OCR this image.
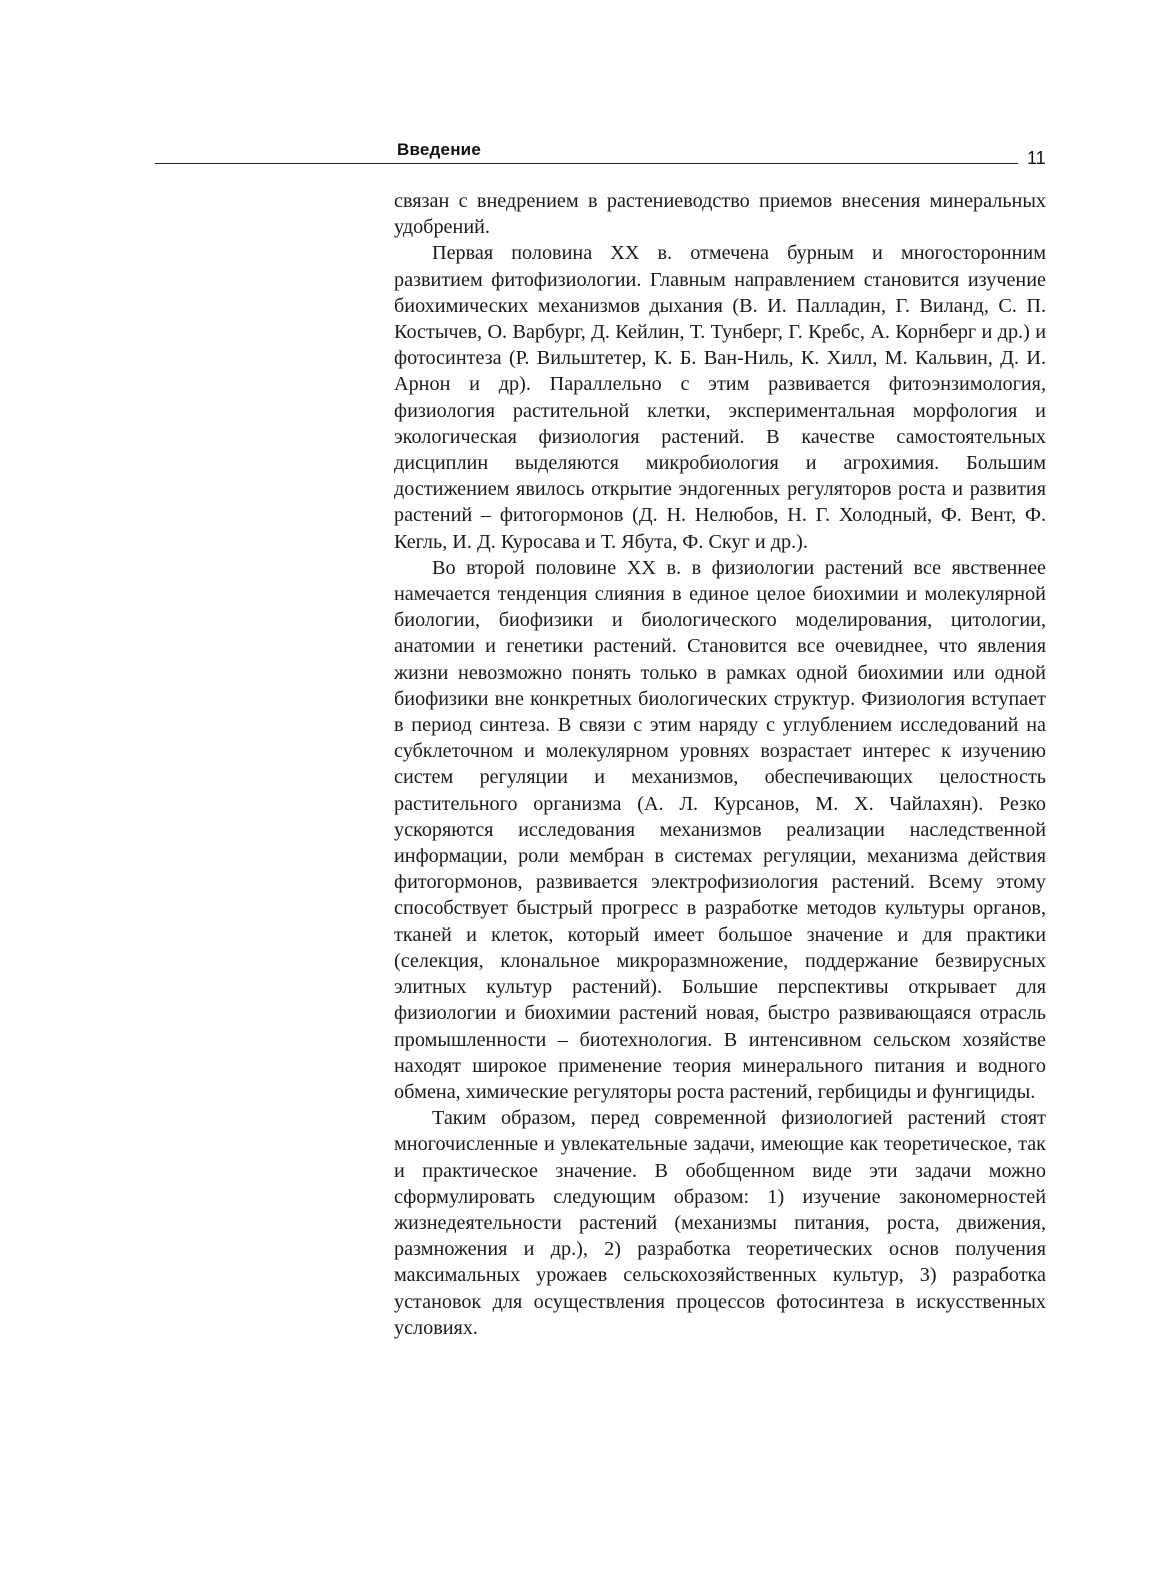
Введение	11

связан с внедрением в растениеводство приемов внесения минеральных удобрений.

Первая половина XX в. отмечена бурным и многосторонним развитием фитофизиологии. Главным направлением становится изучение биохимических механизмов дыхания (В. И. Палладин, Г. Виланд, С. П. Костычев, О. Варбург, Д. Кейлин, Т. Тунберг, Г. Кребс, А. Корнберг и др.) и фотосинтеза (Р. Вильштетер, К. Б. Ван-Ниль, К. Хилл, М. Кальвин, Д. И. Арнон и др). Параллельно с этим развивается фитоэнзимология, физиология растительной клетки, экспериментальная морфология и экологическая физиология растений. В качестве самостоятельных дисциплин выделяются микробиология и агрохимия. Большим достижением явилось открытие эндогенных регуляторов роста и развития растений – фитогормонов (Д. Н. Нелюбов, Н. Г. Холодный, Ф. Вент, Ф. Кегль, И. Д. Куросава и Т. Ябута, Ф. Скуг и др.).

Во второй половине XX в. в физиологии растений все явственнее намечается тенденция слияния в единое целое биохимии и молекулярной биологии, биофизики и биологического моделирования, цитологии, анатомии и генетики растений. Становится все очевиднее, что явления жизни невозможно понять только в рамках одной биохимии или одной биофизики вне конкретных биологических структур. Физиология вступает в период синтеза. В связи с этим наряду с углублением исследований на субклеточном и молекулярном уровнях возрастает интерес к изучению систем регуляции и механизмов, обеспечивающих целостность растительного организма (А. Л. Курсанов, М. Х. Чайлахян). Резко ускоряются исследования механизмов реализации наследственной информации, роли мембран в системах регуляции, механизма действия фитогормонов, развивается электрофизиология растений. Всему этому способствует быстрый прогресс в разработке методов культуры органов, тканей и клеток, который имеет большое значение и для практики (селекция, клональное микроразмножение, поддержание безвирусных элитных культур растений). Большие перспективы открывает для физиологии и биохимии растений новая, быстро развивающаяся отрасль промышленности – биотехнология. В интенсивном сельском хозяйстве находят широкое применение теория минерального питания и водного обмена, химические регуляторы роста растений, гербициды и фунгициды.

Таким образом, перед современной физиологией растений стоят многочисленные и увлекательные задачи, имеющие как теоретическое, так и практическое значение. В обобщенном виде эти задачи можно сформулировать следующим образом: 1) изучение закономерностей жизнедеятельности растений (механизмы питания, роста, движения, размножения и др.), 2) разработка теоретических основ получения максимальных урожаев сельскохозяйственных культур, 3) разработка установок для осуществления процессов фотосинтеза в искусственных условиях.
